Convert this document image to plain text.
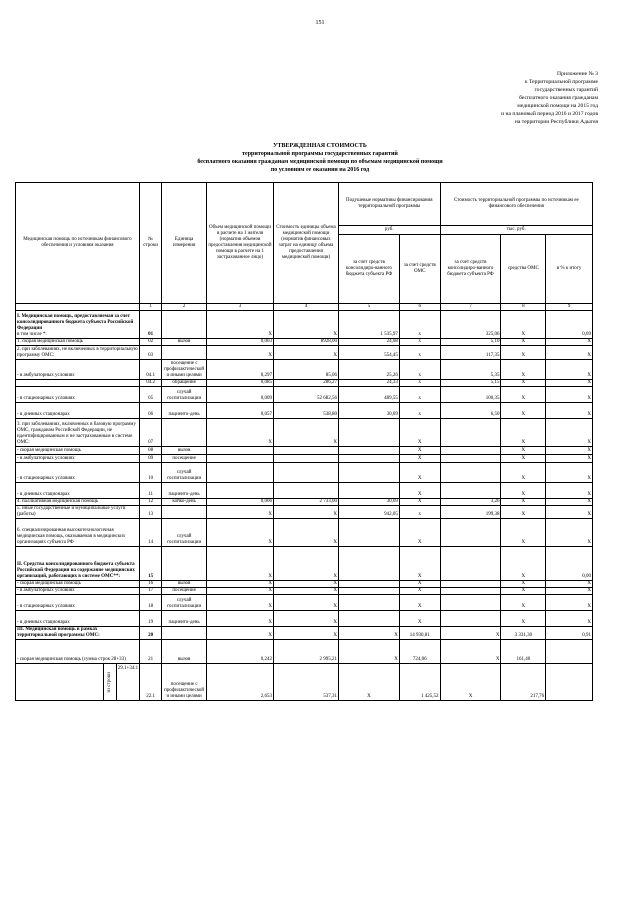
151
Приложение № 3
к Территориальной программе
государственных гарантий
бесплатного оказания гражданам
медицинской помощи на 2015 год
и на плановый период 2016 и 2017 годов
на территории Республики Адыгея
УТВЕРЖДЕННАЯ СТОИМОСТЬ
территориальной программы государственных гарантий
бесплатного оказания гражданам медицинской помощи по объемам медицинской помощи
по условиям ее оказания на 2016 год
Медицинская помощь по источникам финансового обеспечения и условиям оказания	№ строки	Единица измерения	Объем медицинской помощи в расчете на 1 жителя (норматив объемов предоставления медицинской помощи в расчете на 1 застрахованное лицо)	Стоимость единицы объема медицинской помощи (норматив финансовых затрат на единицу объема предоставления медицинской помощи)	Подушевые нормативы финансирования территориальной программы		Стоимость территориальной программы по источникам ее финансового обеспечения		
					руб.		тыс. руб.		
					за счет средств консолидиро-ванного бюджета субъекта РФ	за счет средств ОМС	за счет средств консолидиро-ванного бюджета субъекта РФ	средства ОМС	в % к итогу
	1	2	3	4	5	6	7	8	9

I. Медицинская помощь, предоставляемая за счет консолидированного бюджета субъекта Российской Федерации
в том числе *:	01		X	X	1 535,97	x	325,06	X	0,09

1. скорая медицинская помощь	02	вызов	0,003	8928,00	24,08	x	5,10	X	X

2. при заболеваниях, не включенных в территориальную программу ОМС:	03		X	X	554,45	x	117,35	X	X

- в амбулаторных условиях	04.1	посещение с профилактической и иными целями	0,297	85,06	25,26	x	5,35	X	X

	04.2	обращение	0,085	286,27	24,33	x	5,15	X	X

- в стационарных условиях	05	случай госпитализации	0,009	52 682,56	489,55	x	100,35	X	X

- в дневных стационарах	06	пациенто-день	0,057	538,80	30,69	x	6,50	X	X

3. при заболеваниях, включенных в базовую программу ОМС, гражданам Российской Федерации, не идентифицированным и не застрахованным в системе ОМС:	07		X	X		X		X	X

- скорая медицинская помощь	08	вызов				X		X	X

- в амбулаторных условиях	09	посещение				X		X	X

- в стационарных условиях	10	случай госпитализации				X		X	X

- в дневных стационарах	11	пациенто-день				X		X	X

4. паллиативная медицинская помощь	12	койко-день	0,006	2 733,00	30,69	X	3,26	X	X

5. иные государственные и муниципальные услуги (работы)	13		X	X	942,05	x	199,38	X	X

6. специализированная высокотехнологичная медицинская помощь, оказываемая в медицинских организациях субъекта РФ	14	случай госпитализации	X	X		X		X	X

II. Средства консолидированного бюджета субъекта Российской Федерации на содержание медицинских организаций, работающих в системе ОМС**:	15		X	X		X		X	0,00

- скорая медицинская помощь	16	вызов	X	X		X		X	X

- в амбулаторных условиях	17	посещение	X	X		X		X	X

- в стационарных условиях	18	случай госпитализации	X	X		X		X	X

- в дневных стационарах	19	пациенто-день	X	X		X		X	X

III. Медицинская помощь в рамках территориальной программы ОМС:	20		X	X	X	14 930,81	X	3 331,30	0,91

- скорая медицинская помощь (сумма строк 28+33)	21	вызов	0,242	2 995,21	X	724,06	X	161,40	

из строки
29.1+34.1	22.1	посещение с профилактической и иными целями	2,653	537,31	X	1 425,52	X	217,76	
